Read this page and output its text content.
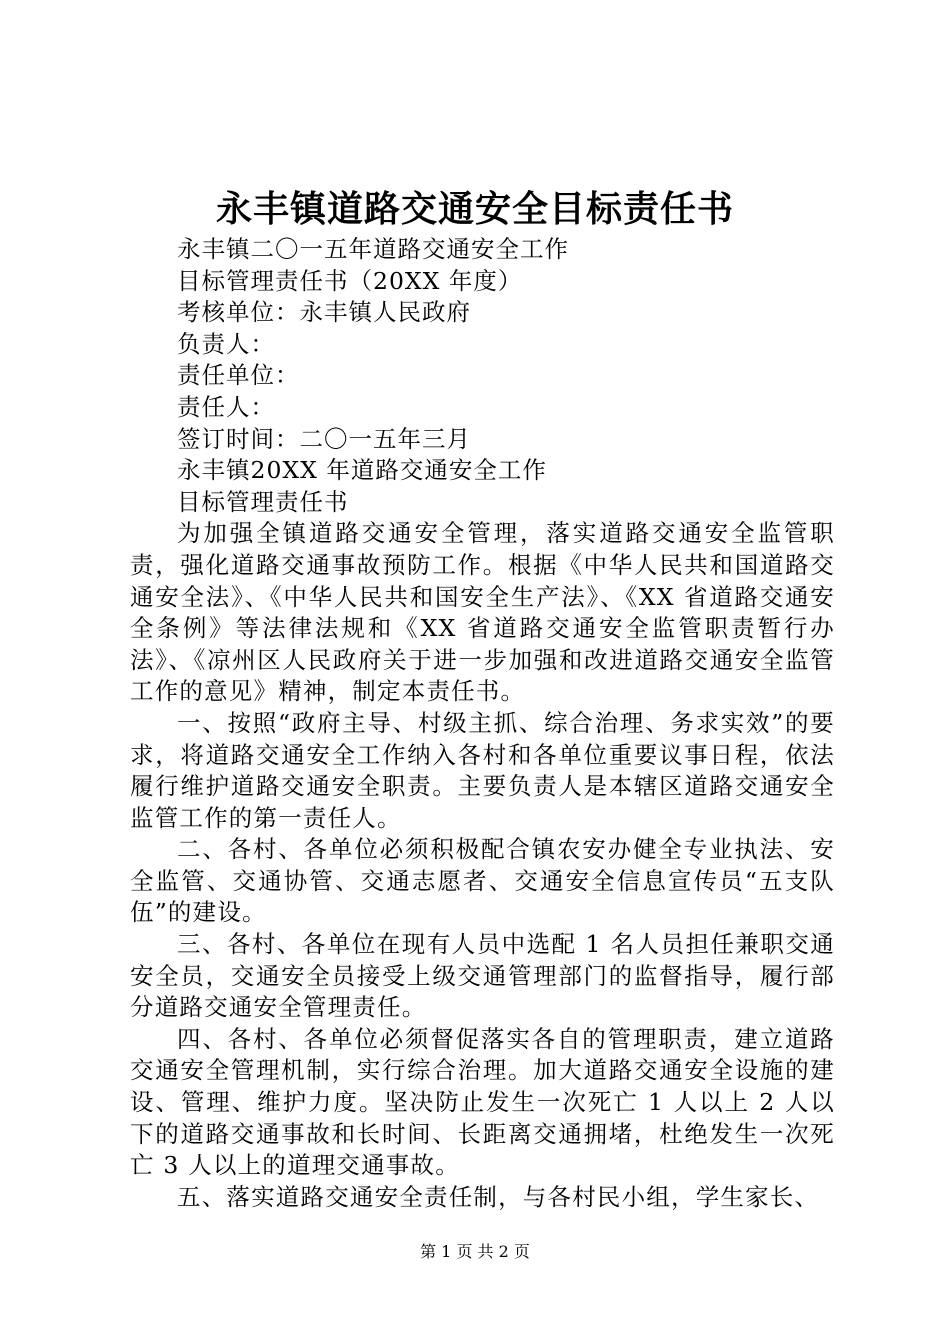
永丰镇道路交通安全目标责任书
永丰镇二〇一五年道路交通安全工作
目标管理责任书（20XX 年度）
考核单位：永丰镇人民政府
负责人：
责任单位：
责任人：
签订时间：二〇一五年三月
永丰镇20XX 年道路交通安全工作
目标管理责任书

为加强全镇道路交通安全管理，落实道路交通安全监管职责，强化道路交通事故预防工作。根据《中华人民共和国道路交通安全法》、《中华人民共和国安全生产法》、《XX 省道路交通安全条例》等法律法规和《XX 省道路交通安全监管职责暂行办法》、《凉州区人民政府关于进一步加强和改进道路交通安全监管工作的意见》精神，制定本责任书。

一、按照“政府主导、村级主抓、综合治理、务求实效”的要求，将道路交通安全工作纳入各村和各单位重要议事日程，依法履行维护道路交通安全职责。主要负责人是本辖区道路交通安全监管工作的第一责任人。

二、各村、各单位必须积极配合镇农安办健全专业执法、安全监管、交通协管、交通志愿者、交通安全信息宣传员“五支队伍”的建设。

三、各村、各单位在现有人员中选配 1 名人员担任兼职交通安全员，交通安全员接受上级交通管理部门的监督指导，履行部分道路交通安全管理责任。

四、各村、各单位必须督促落实各自的管理职责，建立道路交通安全管理机制，实行综合治理。加大道路交通安全设施的建设、管理、维护力度。坚决防止发生一次死亡 1 人以上 2 人以下的道路交通事故和长时间、长距离交通拥堵，杜绝发生一次死亡 3 人以上的道理交通事故。

五、落实道路交通安全责任制，与各村民小组，学生家长、

第 1 页 共 2 页
